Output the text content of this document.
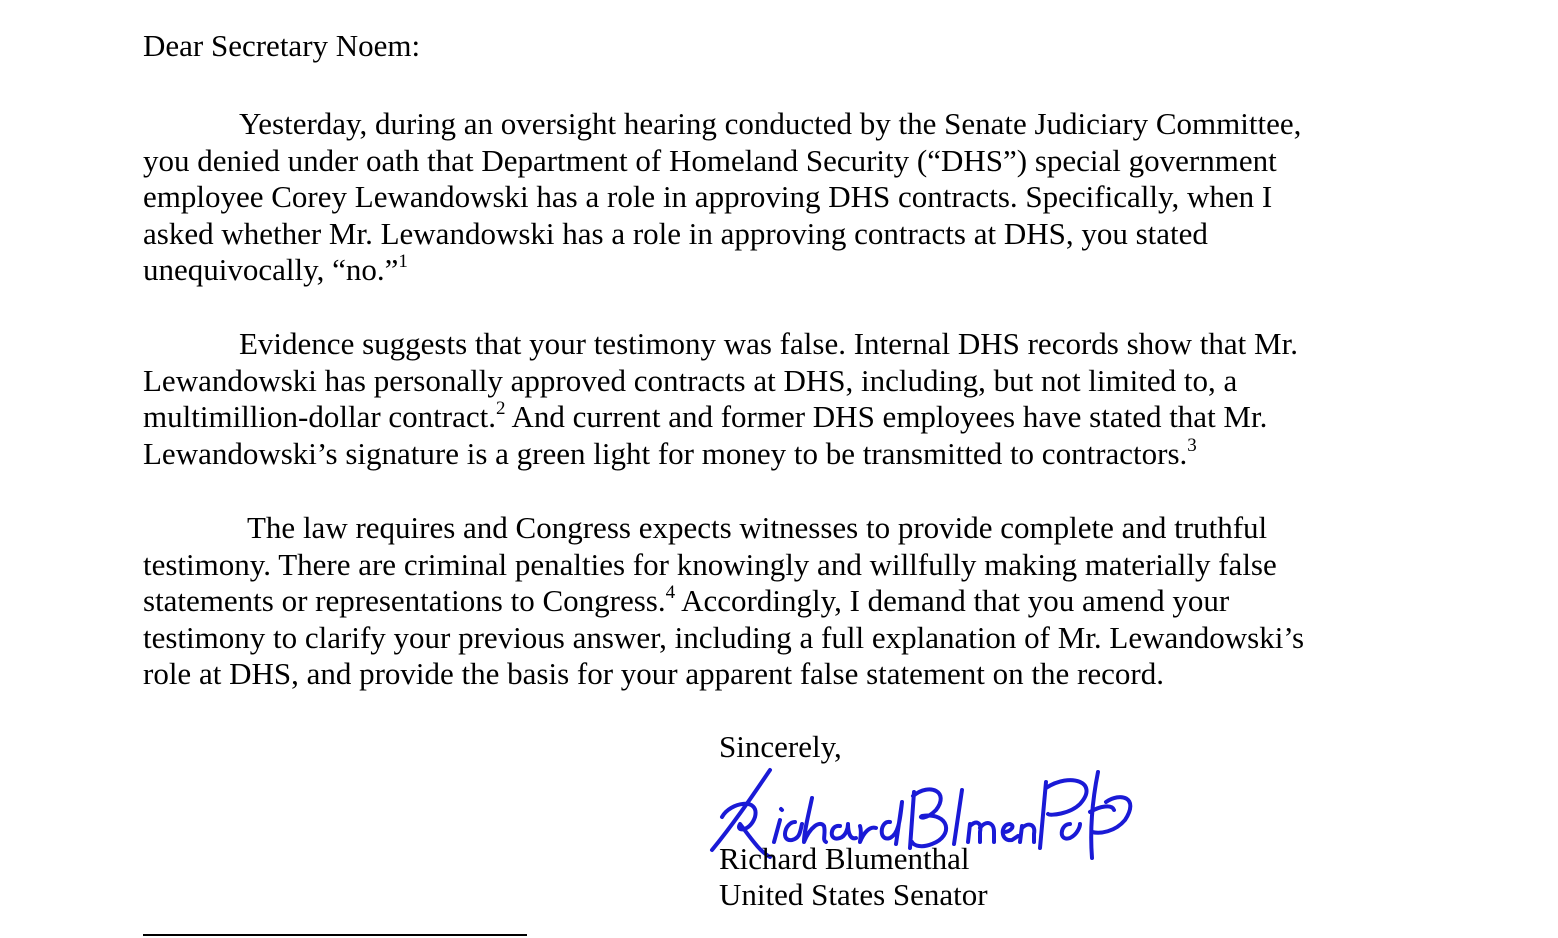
Dear Secretary Noem:

Yesterday, during an oversight hearing conducted by the Senate Judiciary Committee,
you denied under oath that Department of Homeland Security (“DHS”) special government
employee Corey Lewandowski has a role in approving DHS contracts. Specifically, when I
asked whether Mr. Lewandowski has a role in approving contracts at DHS, you stated
unequivocally, “no.”$^1$

Evidence suggests that your testimony was false. Internal DHS records show that Mr.
Lewandowski has personally approved contracts at DHS, including, but not limited to, a
multimillion-dollar contract.$^2$ And current and former DHS employees have stated that Mr.
Lewandowski’s signature is a green light for money to be transmitted to contractors.$^3$

The law requires and Congress expects witnesses to provide complete and truthful
testimony. There are criminal penalties for knowingly and willfully making materially false
statements or representations to Congress.$^4$ Accordingly, I demand that you amend your
testimony to clarify your previous answer, including a full explanation of Mr. Lewandowski’s
role at DHS, and provide the basis for your apparent false statement on the record.

Sincerely,
Richard Blumenthal
United States Senator
